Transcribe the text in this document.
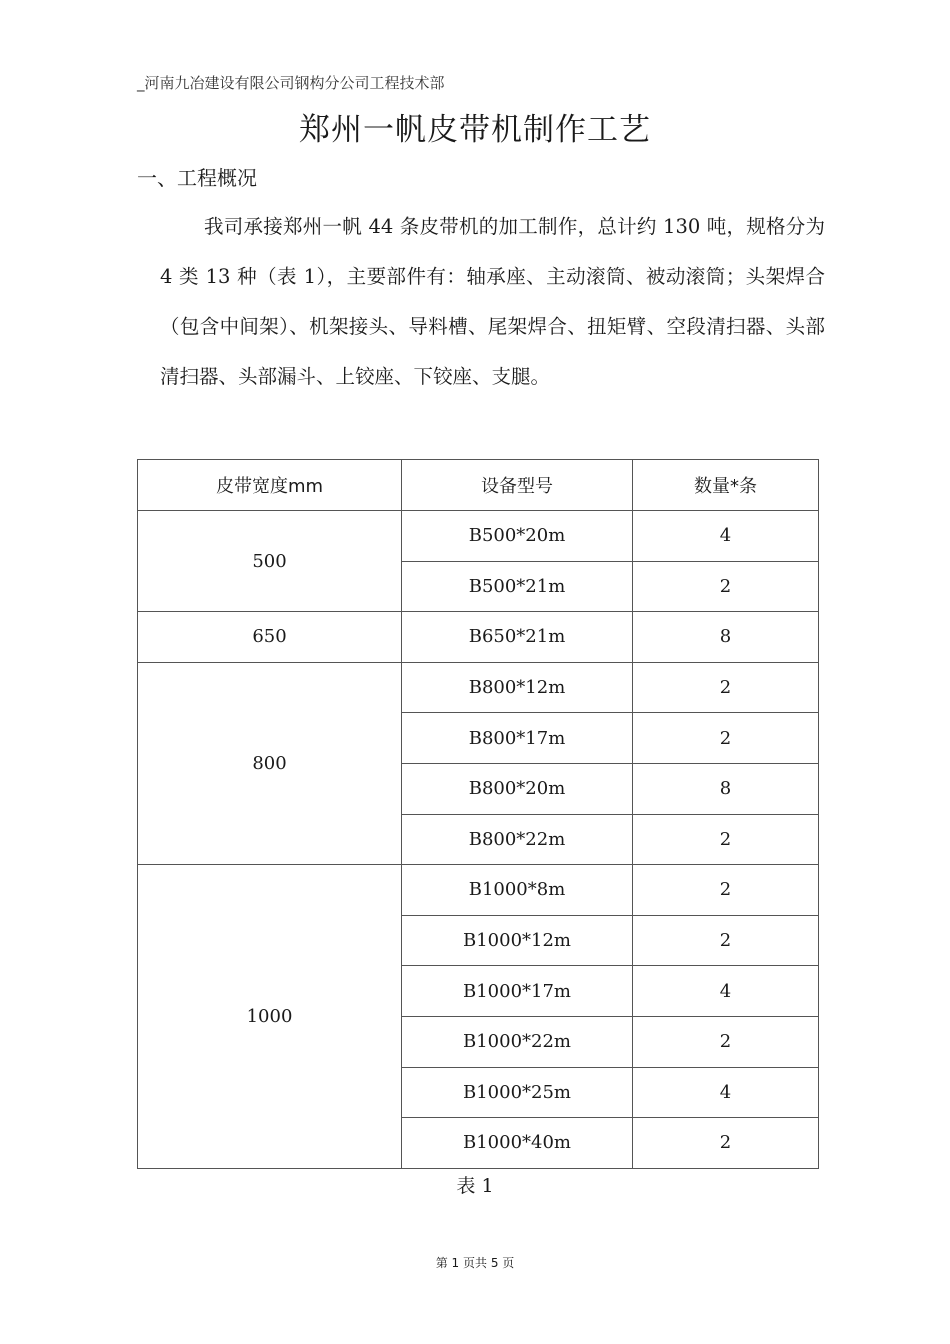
_河南九冶建设有限公司钢构分公司工程技术部
郑州一帆皮带机制作工艺
一、工程概况

我司承接郑州一帆 44 条皮带机的加工制作，总计约 130 吨，规格分为 4 类 13 种（表 1），主要部件有：轴承座、主动滚筒、被动滚筒；头架焊合（包含中间架）、机架接头、导料槽、尾架焊合、扭矩臂、空段清扫器、头部清扫器、头部漏斗、上铰座、下铰座、支腿。

皮带宽度mm	设备型号	数量*条
500	B500*20m	4
	B500*21m	2
650	B650*21m	8
800	B800*12m	2
	B800*17m	2
	B800*20m	8
	B800*22m	2
1000	B1000*8m	2
	B1000*12m	2
	B1000*17m	4
	B1000*22m	2
	B1000*25m	4
	B1000*40m	2
表 1
第 1 页共 5 页
